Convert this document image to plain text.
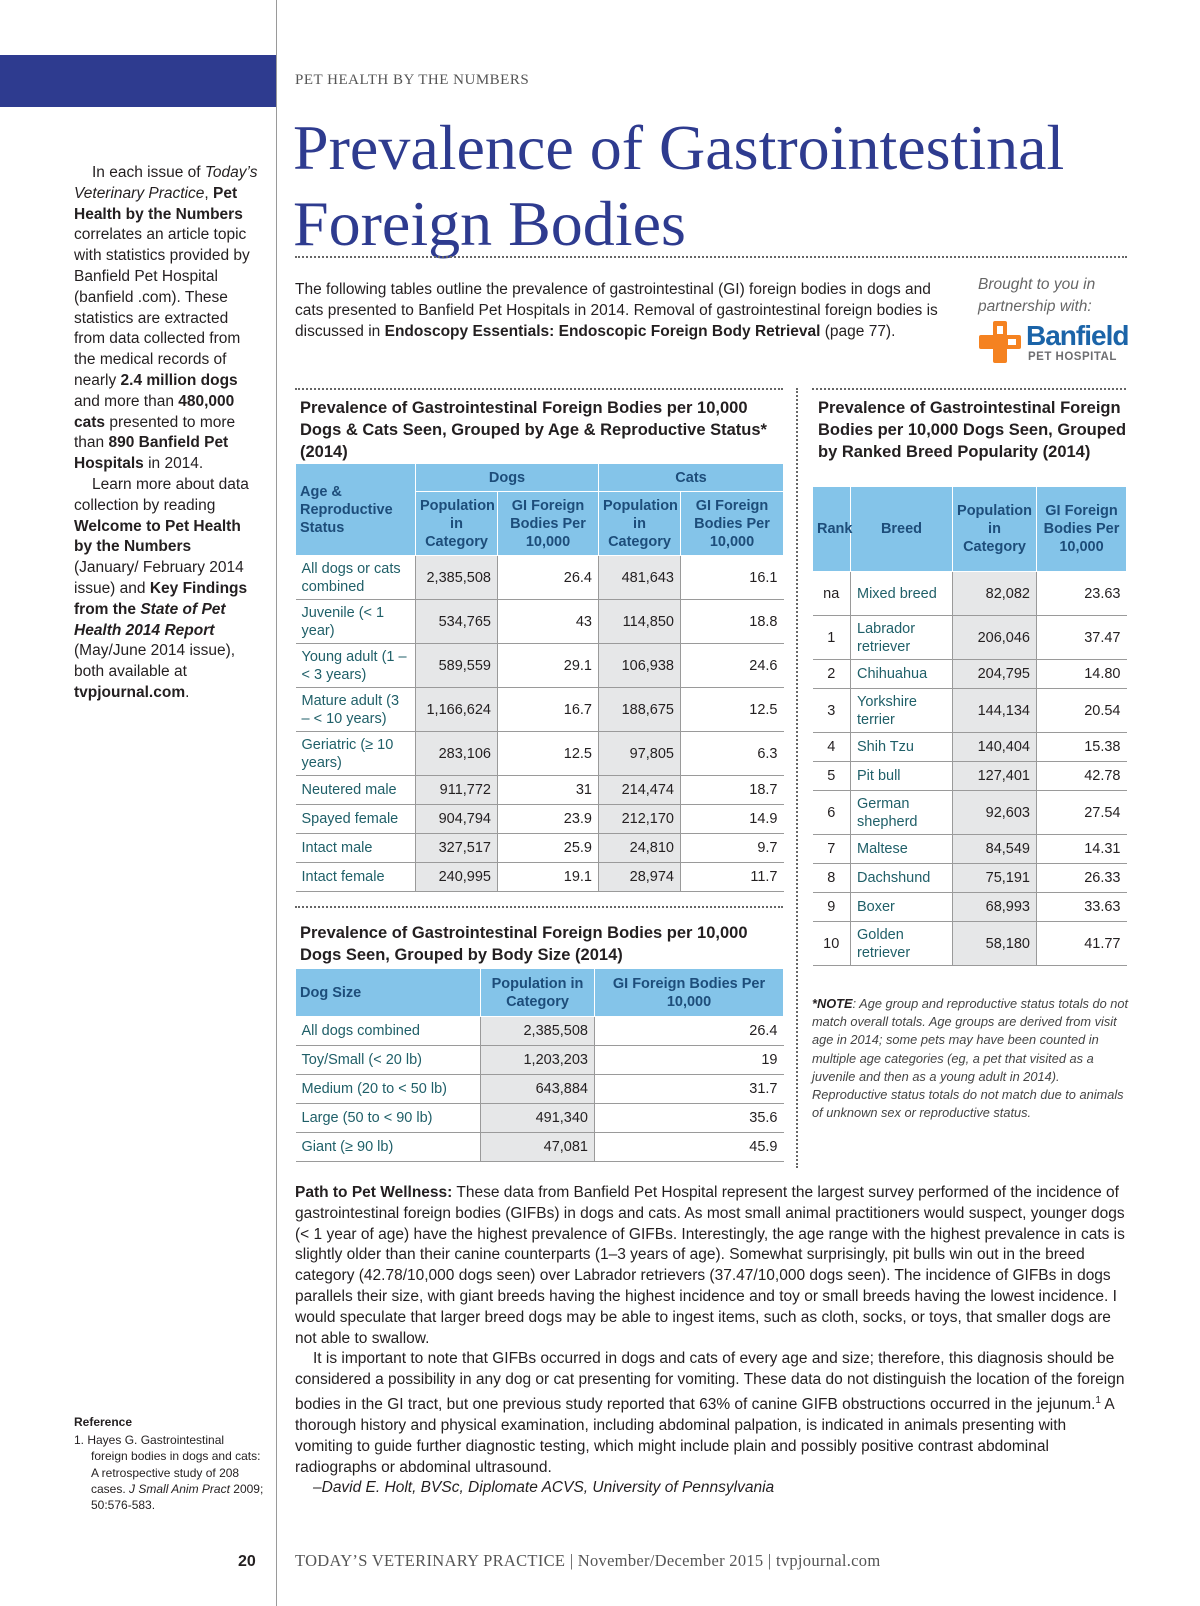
In each issue of Today’s Veterinary Practice, Pet Health by the Numbers correlates an article topic with statistics provided by Banfield Pet Hospital (banfield .com). These statistics are extracted from data collected from the medical records of nearly 2.4 million dogs and more than 480,000 cats presented to more than 890 Banfield Pet Hospitals in 2014.

Learn more about data collection by reading Welcome to Pet Health by the Numbers (January/ February 2014 issue) and Key Findings from the State of Pet Health 2014 Report (May/June 2014 issue), both available at tvpjournal.com.

Reference
1. Hayes G. Gastrointestinal foreign bodies in dogs and cats: A retrospective study of 208 cases. J Small Anim Pract 2009; 50:576-583.
20
PET HEALTH BY THE NUMBERS
Prevalence of Gastrointestinal
Foreign Bodies

The following tables outline the prevalence of gastrointestinal (GI) foreign bodies in dogs and cats presented to Banfield Pet Hospitals in 2014. Removal of gastrointestinal foreign bodies is discussed in Endoscopy Essentials: Endoscopic Foreign Body Retrieval (page 77).

Brought to you in partnership with:
Banfield
PET HOSPITAL
Prevalence of Gastrointestinal Foreign Bodies per 10,000 Dogs & Cats Seen, Grouped by Age & Reproductive Status* (2014)
Age & Reproductive Status	Dogs		Cats	
	Population in Category	GI Foreign Bodies Per 10,000	Population in Category	GI Foreign Bodies Per 10,000
All dogs or cats combined	2,385,508	26.4	481,643	16.1
Juvenile (< 1 year)	534,765	43	114,850	18.8
Young adult (1 – < 3 years)	589,559	29.1	106,938	24.6
Mature adult (3 – < 10 years)	1,166,624	16.7	188,675	12.5
Geriatric (≥ 10 years)	283,106	12.5	97,805	6.3
Neutered male	911,772	31	214,474	18.7
Spayed female	904,794	23.9	212,170	14.9
Intact male	327,517	25.9	24,810	9.7
Intact female	240,995	19.1	28,974	11.7
Prevalence of Gastrointestinal Foreign Bodies per 10,000 Dogs Seen, Grouped by Body Size (2014)
Dog Size	Population in Category	GI Foreign Bodies Per 10,000
All dogs combined	2,385,508	26.4
Toy/Small (< 20 lb)	1,203,203	19
Medium (20 to < 50 lb)	643,884	31.7
Large (50 to < 90 lb)	491,340	35.6
Giant (≥ 90 lb)	47,081	45.9
Prevalence of Gastrointestinal Foreign Bodies per 10,000 Dogs Seen, Grouped by Ranked Breed Popularity (2014)
Rank	Breed	Population in Category	GI Foreign Bodies Per 10,000
na	Mixed breed	82,082	23.63
1	Labrador retriever	206,046	37.47
2	Chihuahua	204,795	14.80
3	Yorkshire terrier	144,134	20.54
4	Shih Tzu	140,404	15.38
5	Pit bull	127,401	42.78
6	German shepherd	92,603	27.54
7	Maltese	84,549	14.31
8	Dachshund	75,191	26.33
9	Boxer	68,993	33.63
10	Golden retriever	58,180	41.77
*NOTE: Age group and reproductive status totals do not match overall totals. Age groups are derived from visit age in 2014; some pets may have been counted in multiple age categories (eg, a pet that visited as a juvenile and then as a young adult in 2014). Reproductive status totals do not match due to animals of unknown sex or reproductive status.

Path to Pet Wellness: These data from Banfield Pet Hospital represent the largest survey performed of the incidence of gastrointestinal foreign bodies (GIFBs) in dogs and cats. As most small animal practitioners would suspect, younger dogs (< 1 year of age) have the highest prevalence of GIFBs. Interestingly, the age range with the highest prevalence in cats is slightly older than their canine counterparts (1–3 years of age). Somewhat surprisingly, pit bulls win out in the breed category (42.78/10,000 dogs seen) over Labrador retrievers (37.47/10,000 dogs seen). The incidence of GIFBs in dogs parallels their size, with giant breeds having the highest incidence and toy or small breeds having the lowest incidence. I would speculate that larger breed dogs may be able to ingest items, such as cloth, socks, or toys, that smaller dogs are not able to swallow.

It is important to note that GIFBs occurred in dogs and cats of every age and size; therefore, this diagnosis should be considered a possibility in any dog or cat presenting for vomiting. These data do not distinguish the location of the foreign bodies in the GI tract, but one previous study reported that 63% of canine GIFB obstructions occurred in the jejunum.$^1$ A thorough history and physical examination, including abdominal palpation, is indicated in animals presenting with vomiting to guide further diagnostic testing, which might include plain and possibly positive contrast abdominal radiographs or abdominal ultrasound.

–David E. Holt, BVSc, Diplomate ACVS, University of Pennsylvania

TODAY’S VETERINARY PRACTICE | November/December 2015 | tvpjournal.com
